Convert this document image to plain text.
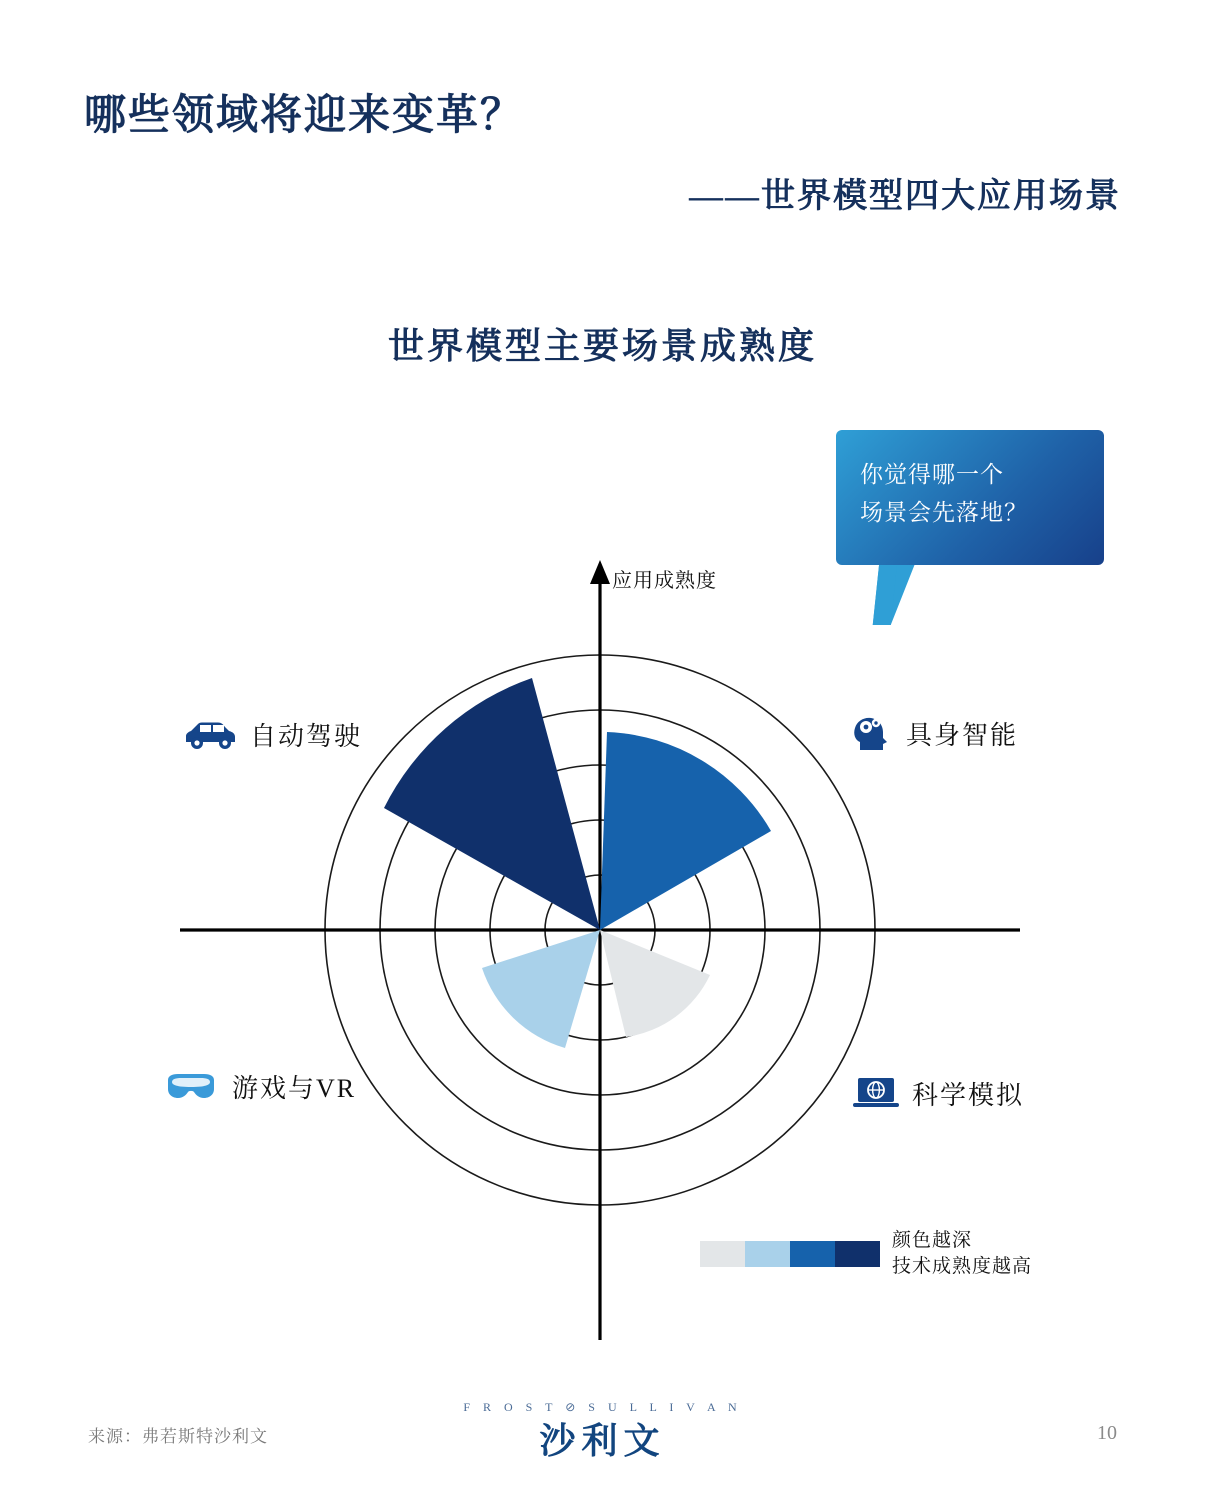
哪些领域将迎来变革？
——世界模型四大应用场景
世界模型主要场景成熟度
你觉得哪一个
场景会先落地？
应用成熟度
自动驾驶	具身智能
游戏与VR	科学模拟
颜色越深
技术成熟度越高
来源：弗若斯特沙利文
F R O S T ⊘ S U L L I V A N
沙利文	10
